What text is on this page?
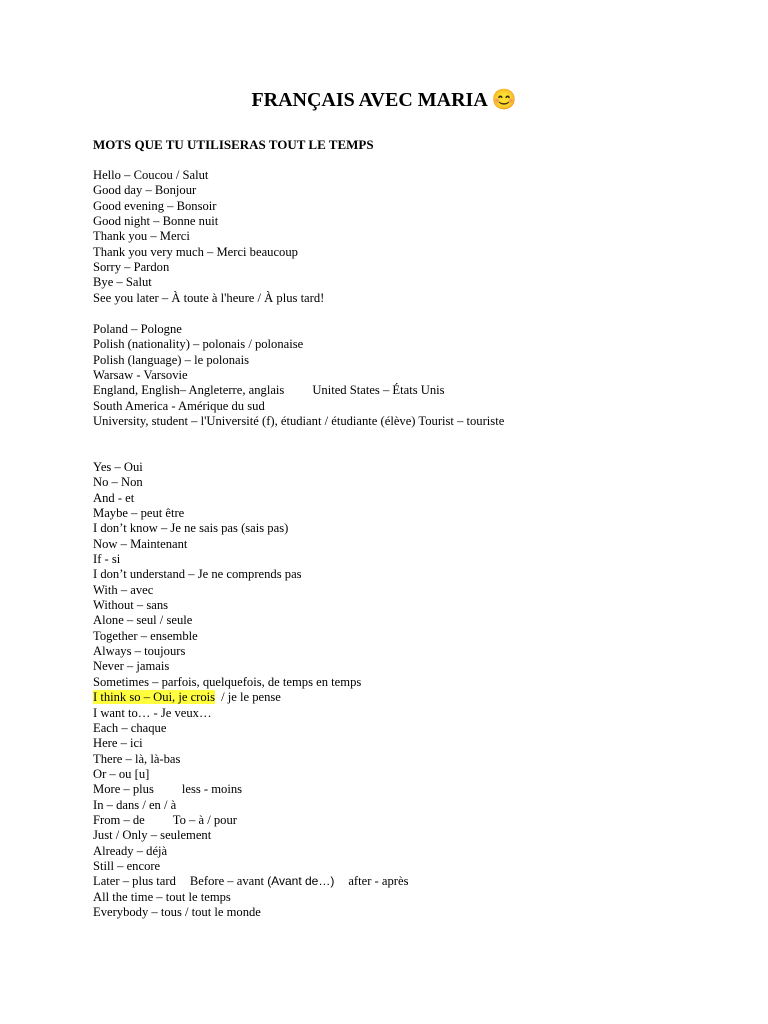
FRANÇAIS AVEC MARIA 😊
MOTS QUE TU UTILISERAS TOUT LE TEMPS
Hello – Coucou / Salut
Good day – Bonjour
Good evening – Bonsoir
Good night – Bonne nuit
Thank you – Merci
Thank you very much – Merci beaucoup
Sorry – Pardon
Bye – Salut
See you later – À toute à l'heure / À plus tard!
Poland – Pologne
Polish (nationality) – polonais / polonaise
Polish (language) – le polonais
Warsaw - Varsovie
England, English– Angleterre, anglais United States – États Unis
South America - Amérique du sud
University, student – l'Université (f), étudiant / étudiante (élève) Tourist – touriste
Yes – Oui
No – Non
And - et
Maybe – peut être
I don’t know – Je ne sais pas (sais pas)
Now – Maintenant
If - si
I don’t understand – Je ne comprends pas
With – avec
Without – sans
Alone – seul / seule
Together – ensemble
Always – toujours
Never – jamais
Sometimes – parfois, quelquefois, de temps en temps
I think so – Oui, je crois / je le pense
I want to… - Je veux…
Each – chaque
Here – ici
There – là, là-bas
Or – ou [u]
More – plus less - moins
In – dans / en / à
From – de To – à / pour
Just / Only – seulement
Already – déjà
Still – encore
Later – plus tard Before – avant (Avant de…) after - après
All the time – tout le temps
Everybody – tous / tout le monde
